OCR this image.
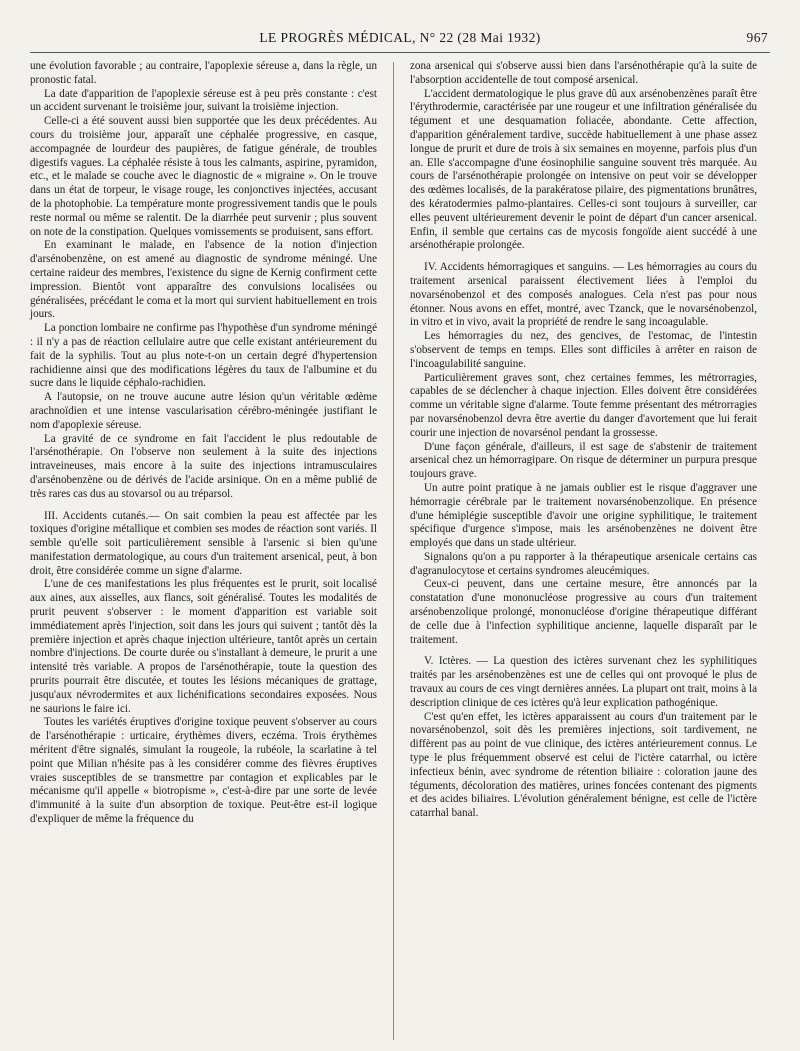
LE PROGRÈS MÉDICAL, N° 22 (28 Mai 1932)	967

une évolution favorable ; au contraire, l'apoplexie séreuse a, dans la règle, un pronostic fatal.

La date d'apparition de l'apoplexie séreuse est à peu près constante : c'est un accident survenant le troisième jour, suivant la troisième injection.

Celle-ci a été souvent aussi bien supportée que les deux précédentes. Au cours du troisième jour, apparaît une céphalée progressive, en casque, accompagnée de lourdeur des paupières, de fatigue générale, de troubles digestifs vagues. La céphalée résiste à tous les calmants, aspirine, pyramidon, etc., et le malade se couche avec le diagnostic de « migraine ». On le trouve dans un état de torpeur, le visage rouge, les conjonctives injectées, accusant de la photophobie. La température monte progressivement tandis que le pouls reste normal ou même se ralentit. De la diarrhée peut survenir ; plus souvent on note de la constipation. Quelques vomissements se produisent, sans effort.

En examinant le malade, en l'absence de la notion d'injection d'arsénobenzène, on est amené au diagnostic de syndrome méningé. Une certaine raideur des membres, l'existence du signe de Kernig confirment cette impression. Bientôt vont apparaître des convulsions localisées ou généralisées, précédant le coma et la mort qui survient habituellement en trois jours.

La ponction lombaire ne confirme pas l'hypothèse d'un syndrome méningé : il n'y a pas de réaction cellulaire autre que celle existant antérieurement du fait de la syphilis. Tout au plus note-t-on un certain degré d'hypertension rachidienne ainsi que des modifications légères du taux de l'albumine et du sucre dans le liquide céphalo-rachidien.

A l'autopsie, on ne trouve aucune autre lésion qu'un véritable œdème arachnoïdien et une intense vascularisation cérébro-méningée justifiant le nom d'apoplexie séreuse.

La gravité de ce syndrome en fait l'accident le plus redoutable de l'arsénothérapie. On l'observe non seulement à la suite des injections intraveineuses, mais encore à la suite des injections intramusculaires d'arsénobenzène ou de dérivés de l'acide arsinique. On en a même publié de très rares cas dus au stovarsol ou au tréparsol.

III. Accidents cutanés.— On sait combien la peau est affectée par les toxiques d'origine métallique et combien ses modes de réaction sont variés. Il semble qu'elle soit particulièrement sensible à l'arsenic si bien qu'une manifestation dermatologique, au cours d'un traitement arsenical, peut, à bon droit, être considérée comme un signe d'alarme.

L'une de ces manifestations les plus fréquentes est le prurit, soit localisé aux aines, aux aisselles, aux flancs, soit généralisé. Toutes les modalités de prurit peuvent s'observer : le moment d'apparition est variable soit immédiatement après l'injection, soit dans les jours qui suivent ; tantôt dès la première injection et après chaque injection ultérieure, tantôt après un certain nombre d'injections. De courte durée ou s'installant à demeure, le prurit a une intensité très variable. A propos de l'arsénothérapie, toute la question des prurits pourrait être discutée, et toutes les lésions mécaniques de grattage, jusqu'aux névrodermites et aux lichénifications secondaires exposées. Nous ne saurions le faire ici.

Toutes les variétés éruptives d'origine toxique peuvent s'observer au cours de l'arsénothérapie : urticaire, érythèmes divers, eczéma. Trois érythèmes méritent d'être signalés, simulant la rougeole, la rubéole, la scarlatine à tel point que Milian n'hésite pas à les considérer comme des fièvres éruptives vraies susceptibles de se transmettre par contagion et explicables par le mécanisme qu'il appelle « biotropisme », c'est-à-dire par une sorte de levée d'immunité à la suite d'un absorption de toxique. Peut-être est-il logique d'expliquer de même la fréquence du

zona arsenical qui s'observe aussi bien dans l'arsénothérapie qu'à la suite de l'absorption accidentelle de tout composé arsenical.

L'accident dermatologique le plus grave dû aux arsénobenzènes paraît être l'érythrodermie, caractérisée par une rougeur et une infiltration généralisée du tégument et une desquamation foliacée, abondante. Cette affection, d'apparition généralement tardive, succède habituellement à une phase assez longue de prurit et dure de trois à six semaines en moyenne, parfois plus d'un an. Elle s'accompagne d'une éosinophilie sanguine souvent très marquée. Au cours de l'arsénothérapie prolongée on intensive on peut voir se développer des œdèmes localisés, de la parakératose pilaire, des pigmentations brunâtres, des kératodermies palmo-plantaires. Celles-ci sont toujours à surveiller, car elles peuvent ultérieurement devenir le point de départ d'un cancer arsenical. Enfin, il semble que certains cas de mycosis fongoïde aient succédé à une arsénothérapie prolongée.

IV. Accidents hémorragiques et sanguins. — Les hémorragies au cours du traitement arsenical paraissent électivement liées à l'emploi du novarsénobenzol et des composés analogues. Cela n'est pas pour nous étonner. Nous avons en effet, montré, avec Tzanck, que le novarsénobenzol, in vitro et in vivo, avait la propriété de rendre le sang incoagulable.

Les hémorragies du nez, des gencives, de l'estomac, de l'intestin s'observent de temps en temps. Elles sont difficiles à arrêter en raison de l'incoagulabilité sanguine.

Particulièrement graves sont, chez certaines femmes, les métrorragies, capables de se déclencher à chaque injection. Elles doivent être considérées comme un véritable signe d'alarme. Toute femme présentant des métrorragies par novarsénobenzol devra être avertie du danger d'avortement que lui ferait courir une injection de novarsénol pendant la grossesse.

D'une façon générale, d'ailleurs, il est sage de s'abstenir de traitement arsenical chez un hémorragipare. On risque de déterminer un purpura presque toujours grave.

Un autre point pratique à ne jamais oublier est le risque d'aggraver une hémorragie cérébrale par le traitement novarsénobenzolique. En présence d'une hémiplégie susceptible d'avoir une origine syphilitique, le traitement spécifique d'urgence s'impose, mais les arsénobenzènes ne doivent être employés que dans un stade ultérieur.

Signalons qu'on a pu rapporter à la thérapeutique arsenicale certains cas d'agranulocytose et certains syndromes aleucémiques.

Ceux-ci peuvent, dans une certaine mesure, être annoncés par la constatation d'une mononucléose progressive au cours d'un traitement arsénobenzolique prolongé, mononucléose d'origine thérapeutique différant de celle due à l'infection syphilitique ancienne, laquelle disparaît par le traitement.

V. Ictères. — La question des ictères survenant chez les syphilitiques traités par les arsénobenzènes est une de celles qui ont provoqué le plus de travaux au cours de ces vingt dernières années. La plupart ont trait, moins à la description clinique de ces ictères qu'à leur explication pathogénique.

C'est qu'en effet, les ictères apparaissent au cours d'un traitement par le novarsénobenzol, soit dès les premières injections, soit tardivement, ne diffèrent pas au point de vue clinique, des ictères antérieurement connus. Le type le plus fréquemment observé est celui de l'ictère catarrhal, ou ictère infectieux bénin, avec syndrome de rétention biliaire : coloration jaune des téguments, décoloration des matières, urines foncées contenant des pigments et des acides biliaires. L'évolution généralement bénigne, est celle de l'ictère catarrhal banal.
